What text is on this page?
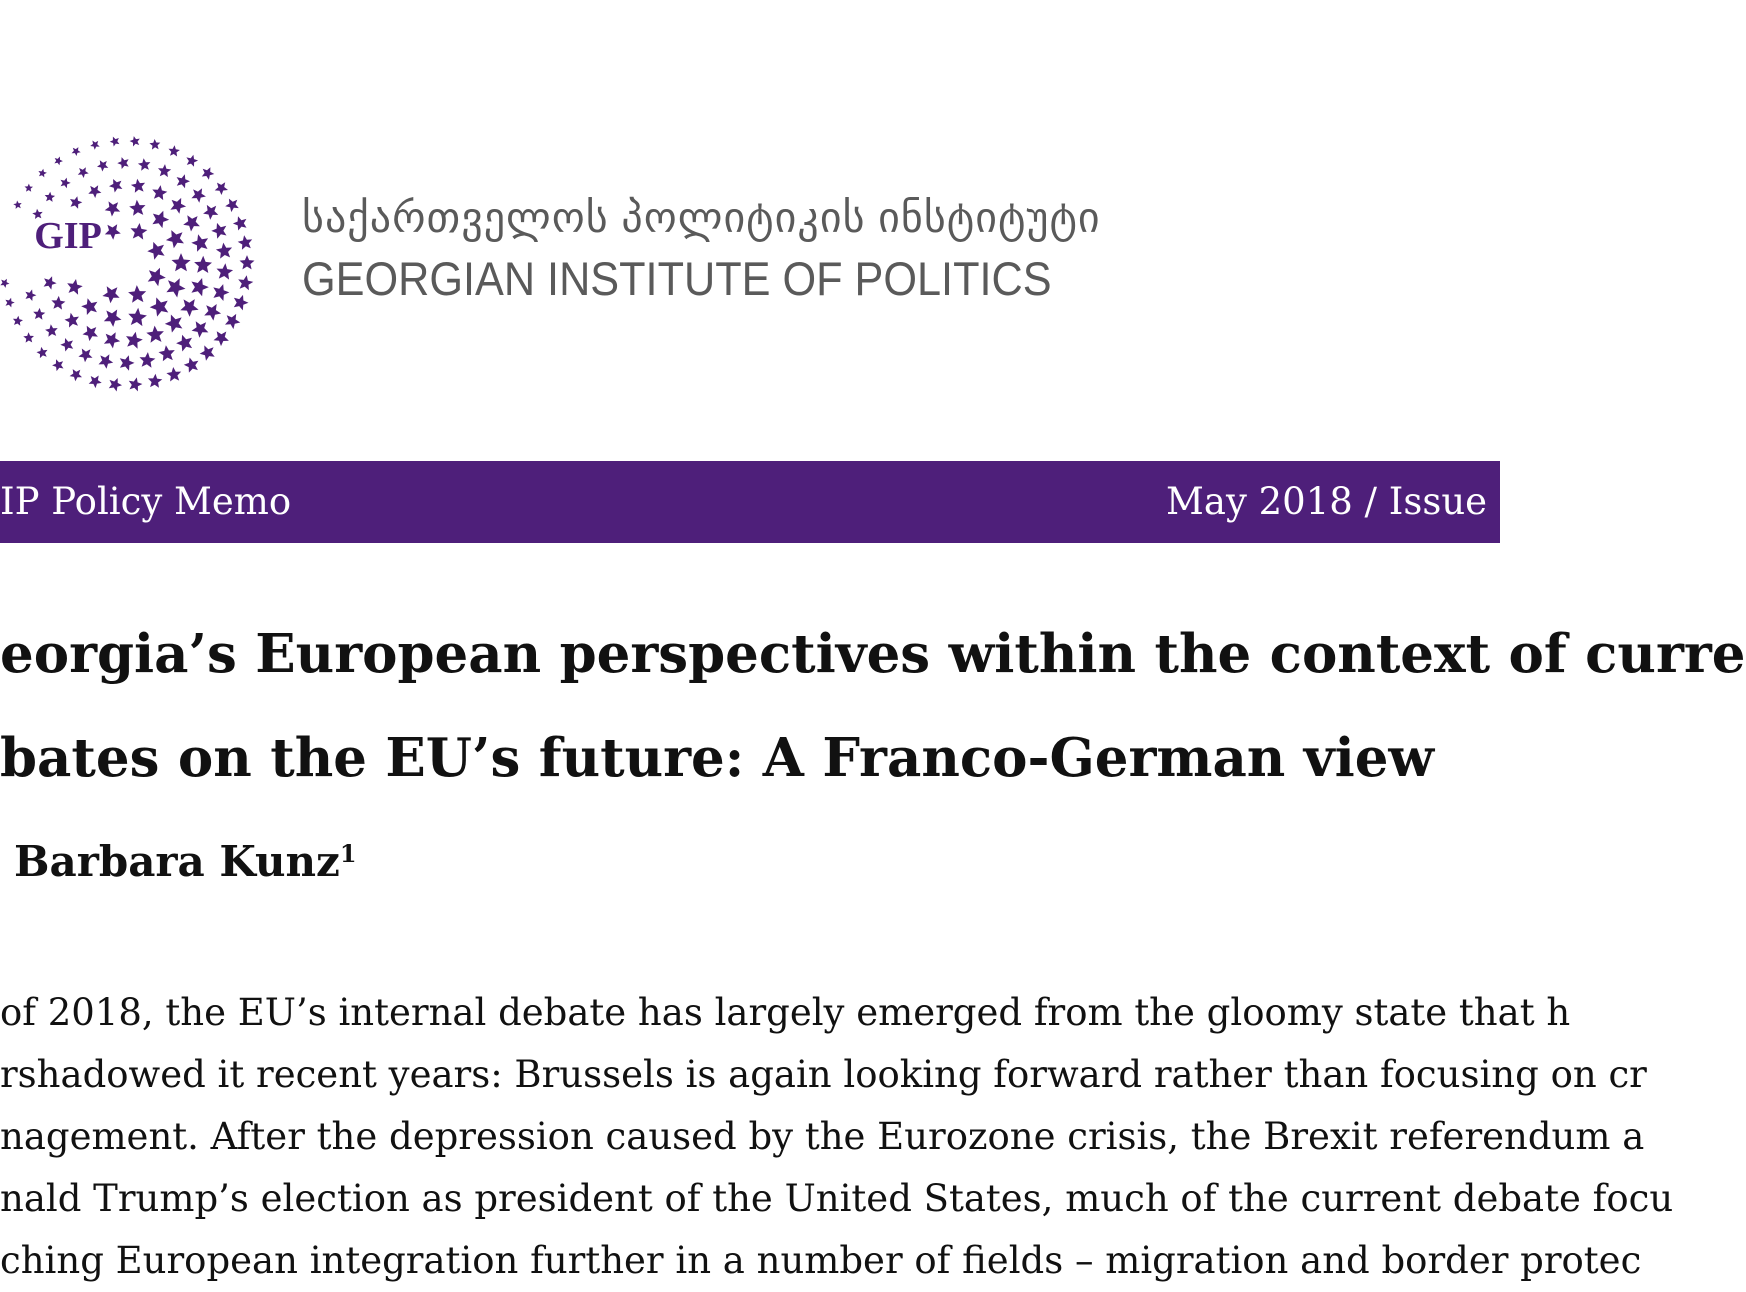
GIP	საქართველოს პოლიტიკის ინსტიტუტი
GEORGIAN INSTITUTE OF POLITICS
IP Policy Memo	May 2018 / Issue #2
eorgia’s European perspectives within the context of curre
bates on the EU’s future: A Franco-German view
Barbara Kunz$^1$
of 2018, the EU’s internal debate has largely emerged from the gloomy state that h
rshadowed it recent years: Brussels is again looking forward rather than focusing on cr
nagement. After the depression caused by the Eurozone crisis, the Brexit referendum a
nald Trump’s election as president of the United States, much of the current debate focu
ching European integration further in a number of fields – migration and border protec
